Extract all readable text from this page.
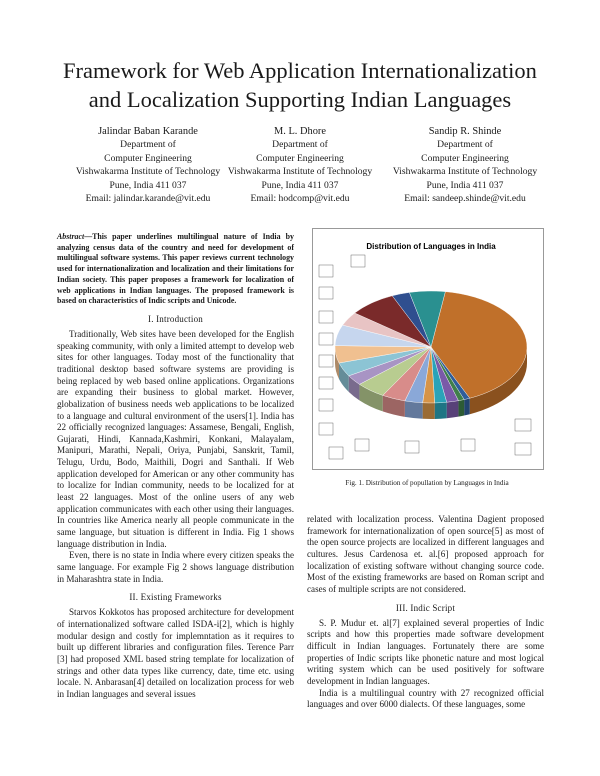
Framework for Web Application Internationalization
and Localization Supporting Indian Languages
Jalindar Baban Karande
Department of
Computer Engineering
Vishwakarma Institute of Technology
Pune, India 411 037
Email: jalindar.karande@vit.edu
M. L. Dhore
Department of
Computer Engineering
Vishwakarma Institute of Technology
Pune, India 411 037
Email: hodcomp@vit.edu
Sandip R. Shinde
Department of
Computer Engineering
Vishwakarma Institute of Technology
Pune, India 411 037
Email: sandeep.shinde@vit.edu

Abstract—This paper underlines multilingual nature of India by analyzing census data of the country and need for development of multilingual software systems. This paper reviews current technology used for internationalization and localization and their limitations for Indian society. This paper proposes a framework for localization of web applications in Indian languages. The proposed framework is based on characteristics of Indic scripts and Unicode.

I. Introduction

Traditionally, Web sites have been developed for the English speaking community, with only a limited attempt to develop web sites for other languages. Today most of the functionality that traditional desktop based software systems are providing is being replaced by web based online applications. Organizations are expanding their business to global market. However, globalization of business needs web applications to be localized to a language and cultural environment of the users[1]. India has 22 officially recognized languages: Assamese, Bengali, English, Gujarati, Hindi, Kannada,Kashmiri, Konkani, Malayalam, Manipuri, Marathi, Nepali, Oriya, Punjabi, Sanskrit, Tamil, Telugu, Urdu, Bodo, Maithili, Dogri and Santhali. If Web application developed for American or any other community has to localize for Indian community, needs to be localized for at least 22 languages. Most of the online users of any web application communicates with each other using their languages. In countries like America nearly all people communicate in the same language, but situation is different in India. Fig 1 shows language distribution in India.

Even, there is no state in India where every citizen speaks the same language. For example Fig 2 shows language distribution in Maharashtra state in India.

II. Existing Frameworks

Starvos Kokkotos has proposed architecture for development of internationalized software called ISDA-i[2], which is highly modular design and costly for implemntation as it requires to built up different libraries and configuration files. Terence Parr [3] had proposed XML based string template for localization of strings and other data types like currency, date, time etc. using locale. N. Anbarasan[4] detailed on localization process for web in Indian languages and several issues

Distribution of Languages in India
Fig. 1. Distribution of popullation by Languages in India

related with localization process. Valentina Dagient proposed framework for internationalization of open source[5] as most of the open source projects are localized in different languages and cultures. Jesus Cardenosa et. al.[6] proposed approach for localization of existing software without changing source code. Most of the existing frameworks are based on Roman script and cases of multiple scripts are not considered.

III. Indic Script

S. P. Mudur et. al[7] explained several properties of Indic scripts and how this properties made software development difficult in Indian languages. Fortunately there are some properties of Indic scripts like phonetic nature and most logical writing system which can be used positively for software development in Indian languages.

India is a multilingual country with 27 recognized official languages and over 6000 dialects. Of these languages, some
